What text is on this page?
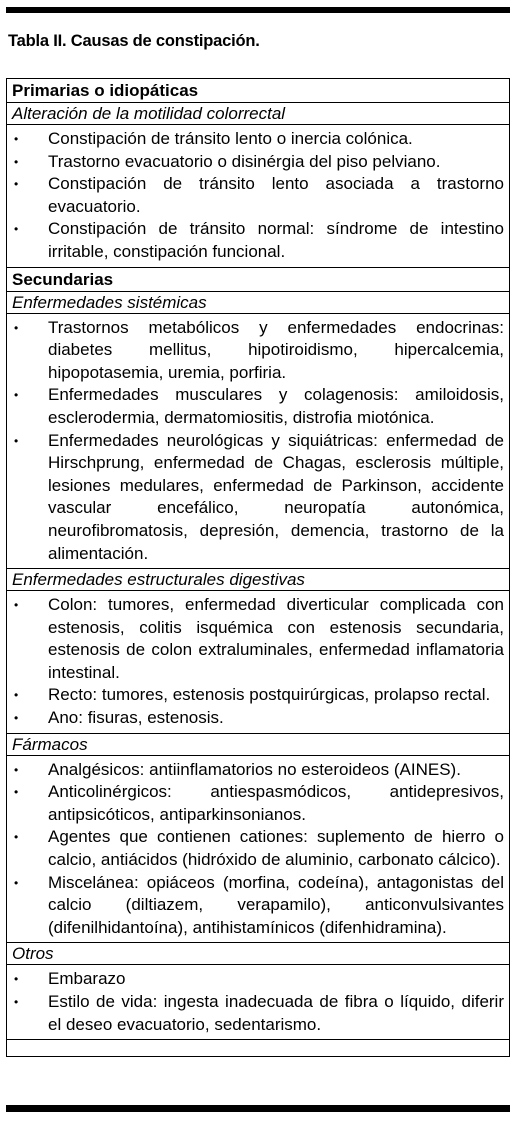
Tabla II. Causas de constipación.
Primarias o idiopáticas
Alteración de la motilidad colorrectal
• Constipación de tránsito lento o inercia colónica.
• Trastorno evacuatorio o disinérgia del piso pelviano.
• Constipación de tránsito lento asociada a trastorno evacuatorio.
• Constipación de tránsito normal: síndrome de intestino irritable, constipación funcional.
Secundarias
Enfermedades sistémicas
• Trastornos metabólicos y enfermedades endocrinas: diabetes mellitus, hipotiroidismo, hipercalcemia, hipopotasemia, uremia, porfiria.
• Enfermedades musculares y colagenosis: amiloidosis, esclerodermia, dermatomiositis, distrofia miotónica.
• Enfermedades neurológicas y siquiátricas: enfermedad de Hirschprung, enfermedad de Chagas, esclerosis múltiple, lesiones medulares, enfermedad de Parkinson, accidente vascular encefálico, neuropatía autonómica, neurofibromatosis, depresión, demencia, trastorno de la alimentación.
Enfermedades estructurales digestivas
• Colon: tumores, enfermedad diverticular complicada con estenosis, colitis isquémica con estenosis secundaria, estenosis de colon extraluminales, enfermedad inflamatoria intestinal.
• Recto: tumores, estenosis postquirúrgicas, prolapso rectal.
• Ano: fisuras, estenosis.
Fármacos
• Analgésicos: antiinflamatorios no esteroideos (AINES).
• Anticolinérgicos: antiespasmódicos, antidepresivos, antipsicóticos, antiparkinsonianos.
• Agentes que contienen cationes: suplemento de hierro o calcio, antiácidos (hidróxido de aluminio, carbonato cálcico).
• Miscelánea: opiáceos (morfina, codeína), antagonistas del calcio (diltiazem, verapamilo), anticonvulsivantes (difenilhidantoína), antihistamínicos (difenhidramina).
Otros
• Embarazo
• Estilo de vida: ingesta inadecuada de fibra o líquido, diferir el deseo evacuatorio, sedentarismo.
